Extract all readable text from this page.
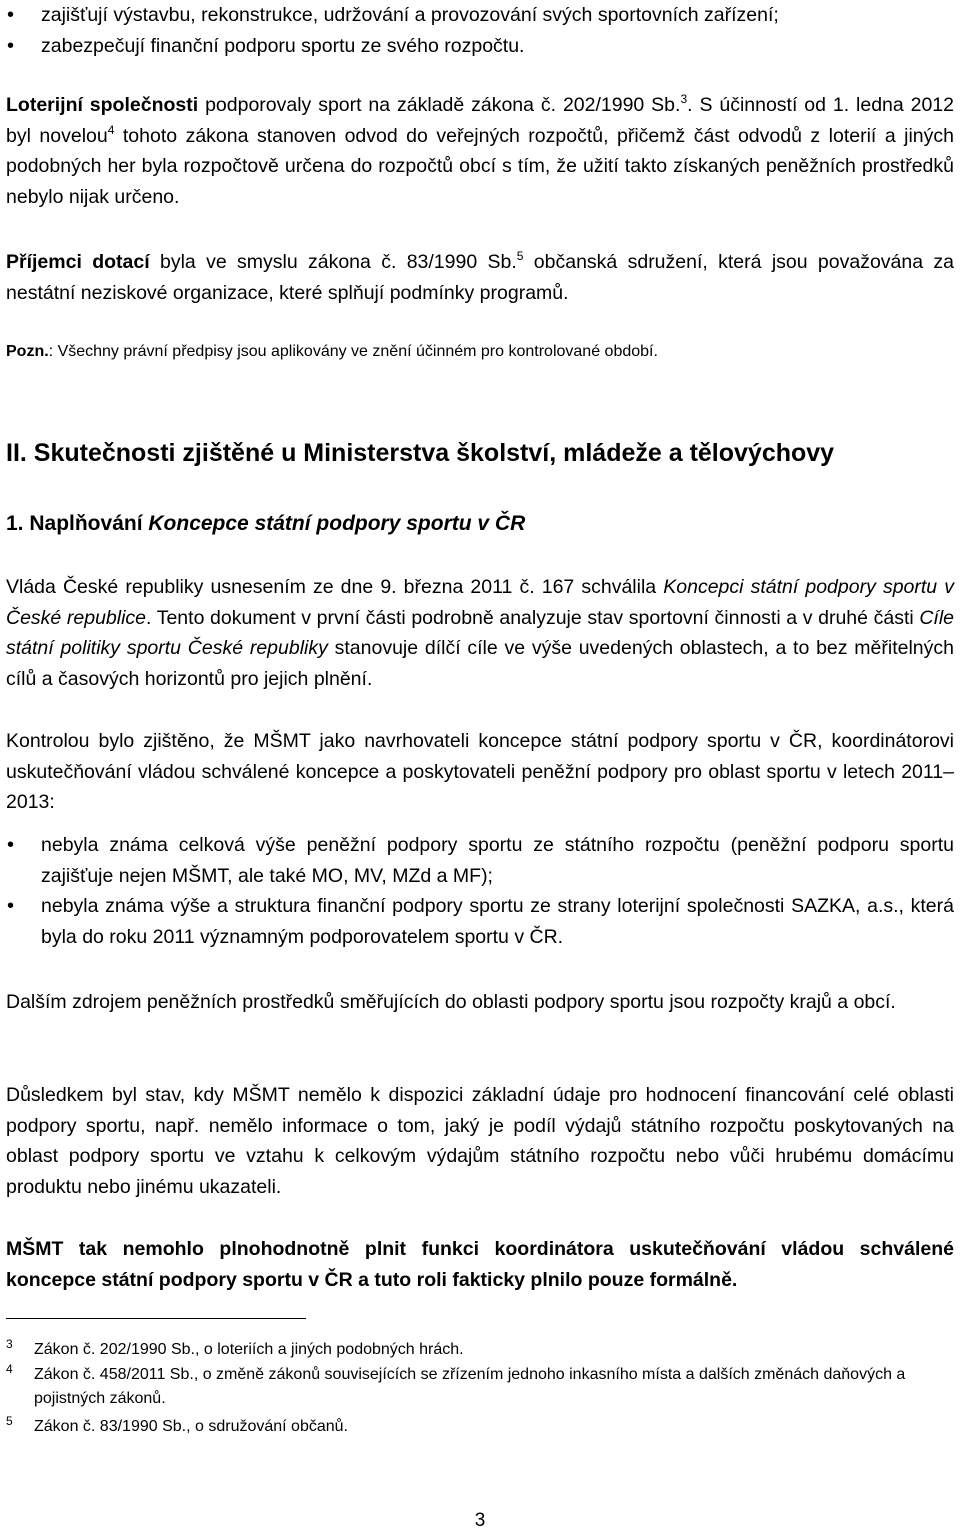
• zajišťují výstavbu, rekonstrukce, udržování a provozování svých sportovních zařízení;
• zabezpečují finanční podporu sportu ze svého rozpočtu.

Loterijní společnosti podporovaly sport na základě zákona č. 202/1990 Sb.$^3$. S účinností od 1. ledna 2012 byl novelou$^4$ tohoto zákona stanoven odvod do veřejných rozpočtů, přičemž část odvodů z loterií a jiných podobných her byla rozpočtově určena do rozpočtů obcí s tím, že užití takto získaných peněžních prostředků nebylo nijak určeno.

Příjemci dotací byla ve smyslu zákona č. 83/1990 Sb.$^5$ občanská sdružení, která jsou považována za nestátní neziskové organizace, které splňují podmínky programů.

Pozn.: Všechny právní předpisy jsou aplikovány ve znění účinném pro kontrolované období.

II. Skutečnosti zjištěné u Ministerstva školství, mládeže a tělovýchovy
1. Naplňování Koncepce státní podpory sportu v ČR

Vláda České republiky usnesením ze dne 9. března 2011 č. 167 schválila Koncepci státní podpory sportu v České republice. Tento dokument v první části podrobně analyzuje stav sportovní činnosti a v druhé části Cíle státní politiky sportu České republiky stanovuje dílčí cíle ve výše uvedených oblastech, a to bez měřitelných cílů a časových horizontů pro jejich plnění.

Kontrolou bylo zjištěno, že MŠMT jako navrhovateli koncepce státní podpory sportu v ČR, koordinátorovi uskutečňování vládou schválené koncepce a poskytovateli peněžní podpory pro oblast sportu v letech 2011–2013:

• nebyla známa celková výše peněžní podpory sportu ze státního rozpočtu (peněžní podporu sportu zajišťuje nejen MŠMT, ale také MO, MV, MZd a MF);
• nebyla známa výše a struktura finanční podpory sportu ze strany loterijní společnosti SAZKA, a.s., která byla do roku 2011 významným podporovatelem sportu v ČR.

Dalším zdrojem peněžních prostředků směřujících do oblasti podpory sportu jsou rozpočty krajů a obcí.

Důsledkem byl stav, kdy MŠMT nemělo k dispozici základní údaje pro hodnocení financování celé oblasti podpory sportu, např. nemělo informace o tom, jaký je podíl výdajů státního rozpočtu poskytovaných na oblast podpory sportu ve vztahu k celkovým výdajům státního rozpočtu nebo vůči hrubému domácímu produktu nebo jinému ukazateli.

MŠMT tak nemohlo plnohodnotně plnit funkci koordinátora uskutečňování vládou schválené koncepce státní podpory sportu v ČR a tuto roli fakticky plnilo pouze formálně.

3 Zákon č. 202/1990 Sb., o loteriích a jiných podobných hrách.
4 Zákon č. 458/2011 Sb., o změně zákonů souvisejících se zřízením jednoho inkasního místa a dalších změnách daňových a pojistných zákonů.
5 Zákon č. 83/1990 Sb., o sdružování občanů.
3
